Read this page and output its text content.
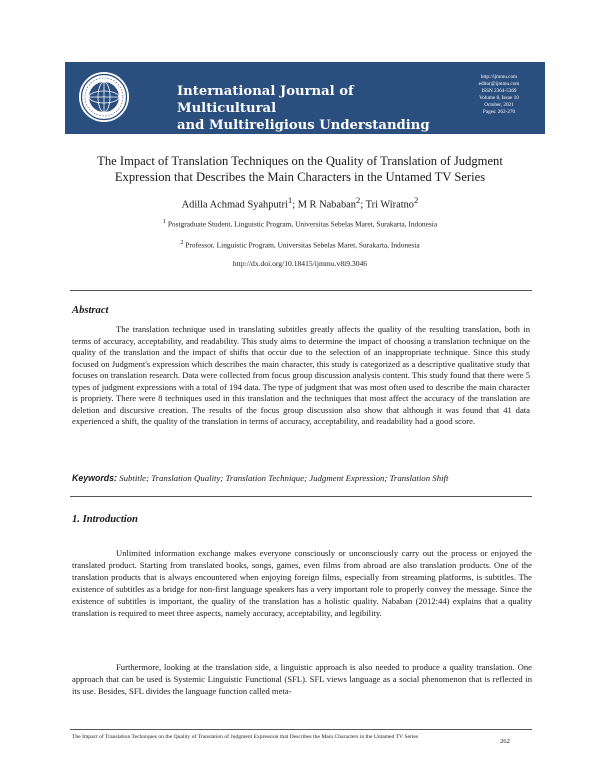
International Journal of Multicultural
and Multireligious Understanding
http://ijmmu.com
editor@ijmmu.com
ISSN 2364-5369
Volume 8, Issue 10
October, 2021
Pages: 262-270
The Impact of Translation Techniques on the Quality of Translation of Judgment
Expression that Describes the Main Characters in the Untamed TV Series
Adilla Achmad Syahputri$^1$; M R Nababan$^2$; Tri Wiratno$^2$
$^1$ Postgraduate Student, Linguistic Program, Universitas Sebelas Maret, Surakarta, Indonesia
$^2$ Professor, Linguistic Program, Universitas Sebelas Maret, Surakarta, Indonesia
http://dx.doi.org/10.18415/ijmmu.v8i9.3046
Abstract

The translation technique used in translating subtitles greatly affects the quality of the resulting translation, both in terms of accuracy, acceptability, and readability. This study aims to determine the impact of choosing a translation technique on the quality of the translation and the impact of shifts that occur due to the selection of an inappropriate technique. Since this study focused on Judgment's expression which describes the main character, this study is categorized as a descriptive qualitative study that focuses on translation research. Data were collected from focus group discussion analysis content. This study found that there were 5 types of judgment expressions with a total of 194 data. The type of judgment that was most often used to describe the main character is propriety. There were 8 techniques used in this translation and the techniques that most affect the accuracy of the translation are deletion and discursive creation. The results of the focus group discussion also show that although it was found that 41 data experienced a shift, the quality of the translation in terms of accuracy, acceptability, and readability had a good score.

Keywords: Subtitle; Translation Quality; Translation Technique; Judgment Expression; Translation Shift
1. Introduction

Unlimited information exchange makes everyone consciously or unconsciously carry out the process or enjoyed the translated product. Starting from translated books, songs, games, even films from abroad are also translation products. One of the translation products that is always encountered when enjoying foreign films, especially from streaming platforms, is subtitles. The existence of subtitles as a bridge for non-first language speakers has a very important role to properly convey the message. Since the existence of subtitles is important, the quality of the translation has a holistic quality. Nababan (2012:44) explains that a quality translation is required to meet three aspects, namely accuracy, acceptability, and legibility.

Furthermore, looking at the translation side, a linguistic approach is also needed to produce a quality translation. One approach that can be used is Systemic Linguistic Functional (SFL). SFL views language as a social phenomenon that is reflected in its use. Besides, SFL divides the language function called meta-

The Impact of Translation Techniques on the Quality of Translation of Judgment Expression that Describes the Main Characters in the Untamed TV Series
262
